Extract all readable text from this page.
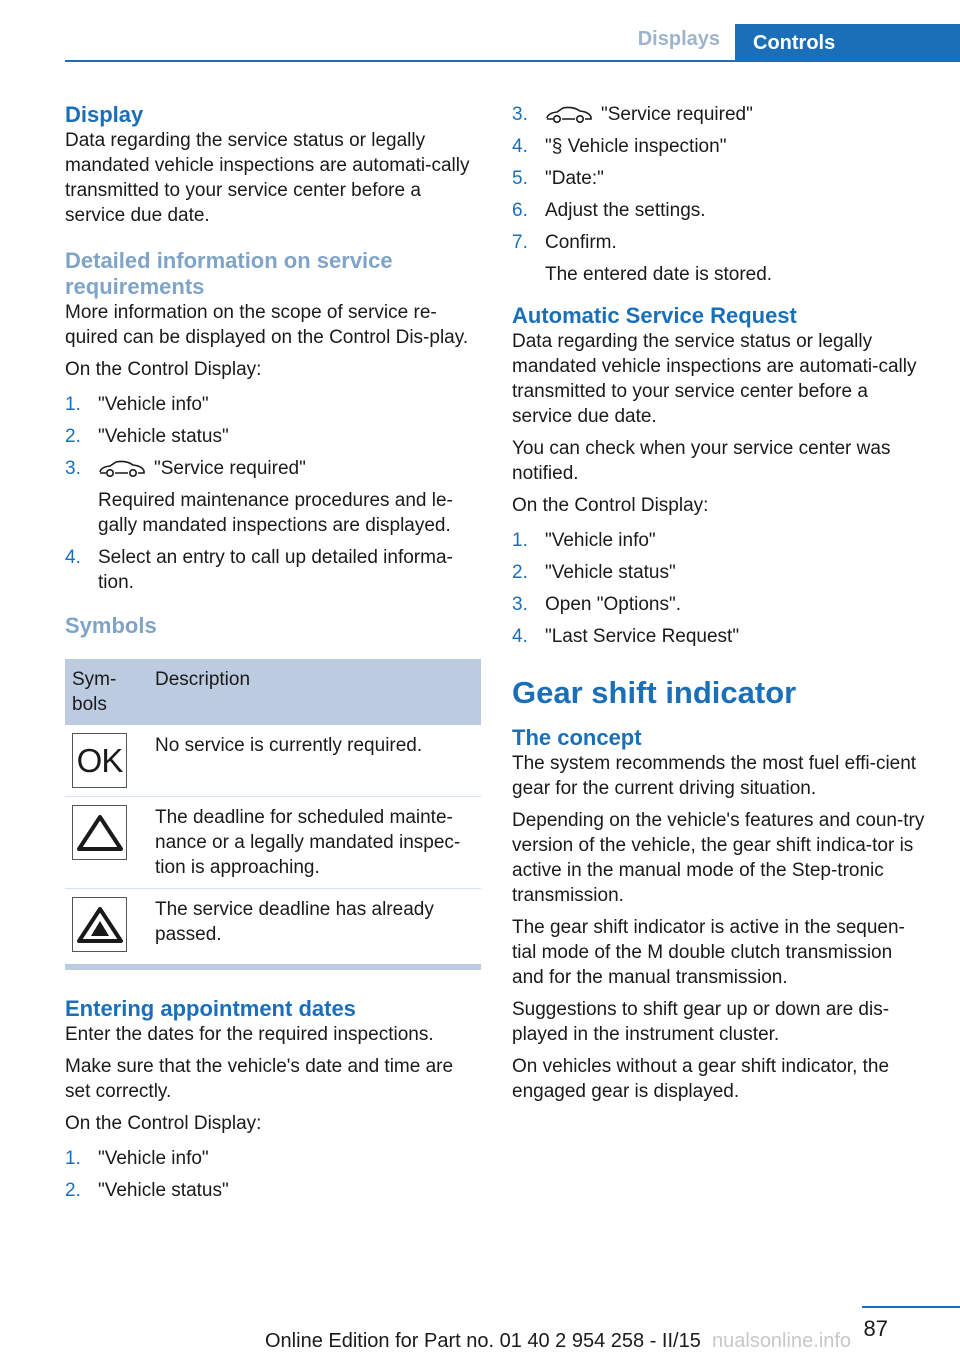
Displays	Controls
Display

Data regarding the service status or legally mandated vehicle inspections are automati‐cally transmitted to your service center before a service due date.

Detailed information on service requirements

More information on the scope of service re‐quired can be displayed on the Control Dis‐play.

On the Control Display:

1. "Vehicle info"
2. "Vehicle status"
3.	"Service required"
Required maintenance procedures and le‐gally mandated inspections are displayed.
4. Select an entry to call up detailed informa‐tion.
Symbols
Sym‐bols	Description

OK	No service is currently required.

	The deadline for scheduled mainte‐nance or a legally mandated inspec‐tion is approaching.

	The service deadline has already passed.
Entering appointment dates

Enter the dates for the required inspections.

Make sure that the vehicle's date and time are set correctly.

On the Control Display:

1. "Vehicle info"
2. "Vehicle status"
3.	"Service required"
4. "§ Vehicle inspection"
5. "Date:"
6. Adjust the settings.
7. Confirm.
The entered date is stored.
Automatic Service Request

Data regarding the service status or legally mandated vehicle inspections are automati‐cally transmitted to your service center before a service due date.

You can check when your service center was notified.

On the Control Display:

1. "Vehicle info"
2. "Vehicle status"
3. Open "Options".
4. "Last Service Request"
Gear shift indicator
The concept

The system recommends the most fuel effi‐cient gear for the current driving situation.

Depending on the vehicle's features and coun‐try version of the vehicle, the gear shift indica‐tor is active in the manual mode of the Step‐tronic transmission.

The gear shift indicator is active in the sequen‐tial mode of the M double clutch transmission and for the manual transmission.

Suggestions to shift gear up or down are dis‐played in the instrument cluster.

On vehicles without a gear shift indicator, the engaged gear is displayed.

87
Online Edition for Part no. 01 40 2 954 258 - II/15 nualsonline.info
